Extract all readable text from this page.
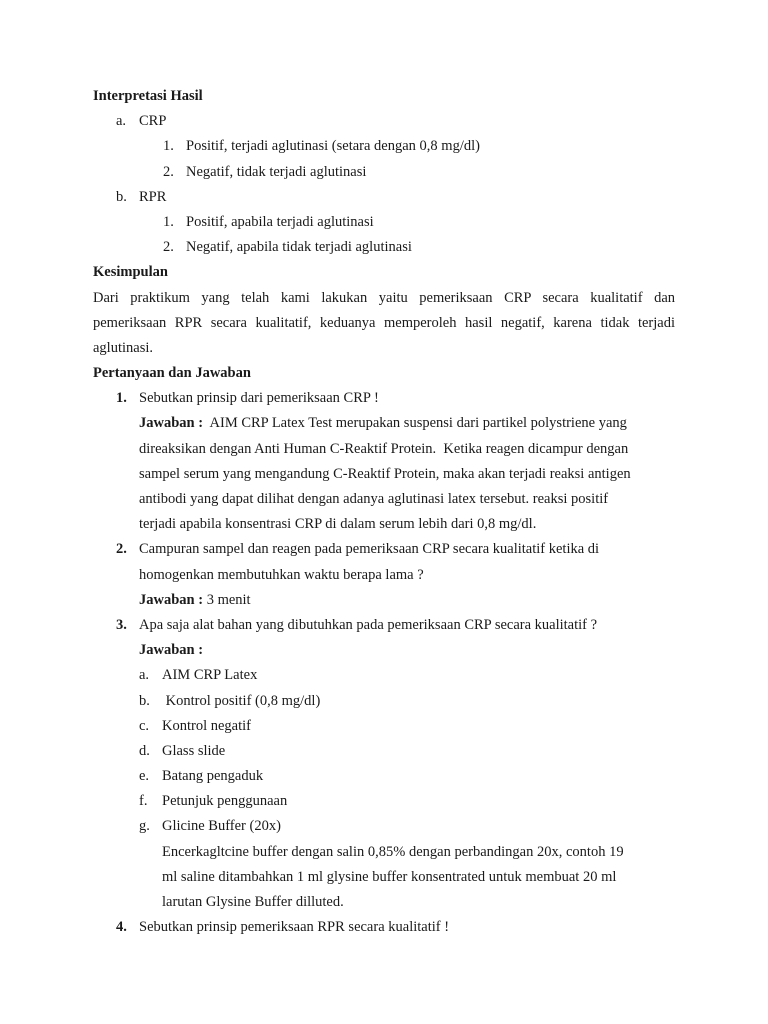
Interpretasi Hasil
a. CRP
1. Positif, terjadi aglutinasi (setara dengan 0,8 mg/dl)
2. Negatif, tidak terjadi aglutinasi
b. RPR
1. Positif, apabila terjadi aglutinasi
2. Negatif, apabila tidak terjadi aglutinasi
Kesimpulan
Dari praktikum yang telah kami lakukan yaitu pemeriksaan CRP secara kualitatif dan
pemeriksaan RPR secara kualitatif, keduanya memperoleh hasil negatif, karena tidak terjadi
aglutinasi.
Pertanyaan dan Jawaban
1. Sebutkan prinsip dari pemeriksaan CRP !
Jawaban :  AIM CRP Latex Test merupakan suspensi dari partikel polystriene yang
direaksikan dengan Anti Human C-Reaktif Protein.  Ketika reagen dicampur dengan
sampel serum yang mengandung C-Reaktif Protein, maka akan terjadi reaksi antigen
antibodi yang dapat dilihat dengan adanya aglutinasi latex tersebut. reaksi positif
terjadi apabila konsentrasi CRP di dalam serum lebih dari 0,8 mg/dl.
2. Campuran sampel dan reagen pada pemeriksaan CRP secara kualitatif ketika di
homogenkan membutuhkan waktu berapa lama ?
Jawaban : 3 menit
3. Apa saja alat bahan yang dibutuhkan pada pemeriksaan CRP secara kualitatif ?
Jawaban :
a. AIM CRP Latex
b. Kontrol positif (0,8 mg/dl)
c. Kontrol negatif
d. Glass slide
e. Batang pengaduk
f. Petunjuk penggunaan
g. Glicine Buffer (20x)
Encerkagltcine buffer dengan salin 0,85% dengan perbandingan 20x, contoh 19
ml saline ditambahkan 1 ml glysine buffer konsentrated untuk membuat 20 ml
larutan Glysine Buffer dilluted.
4. Sebutkan prinsip pemeriksaan RPR secara kualitatif !
